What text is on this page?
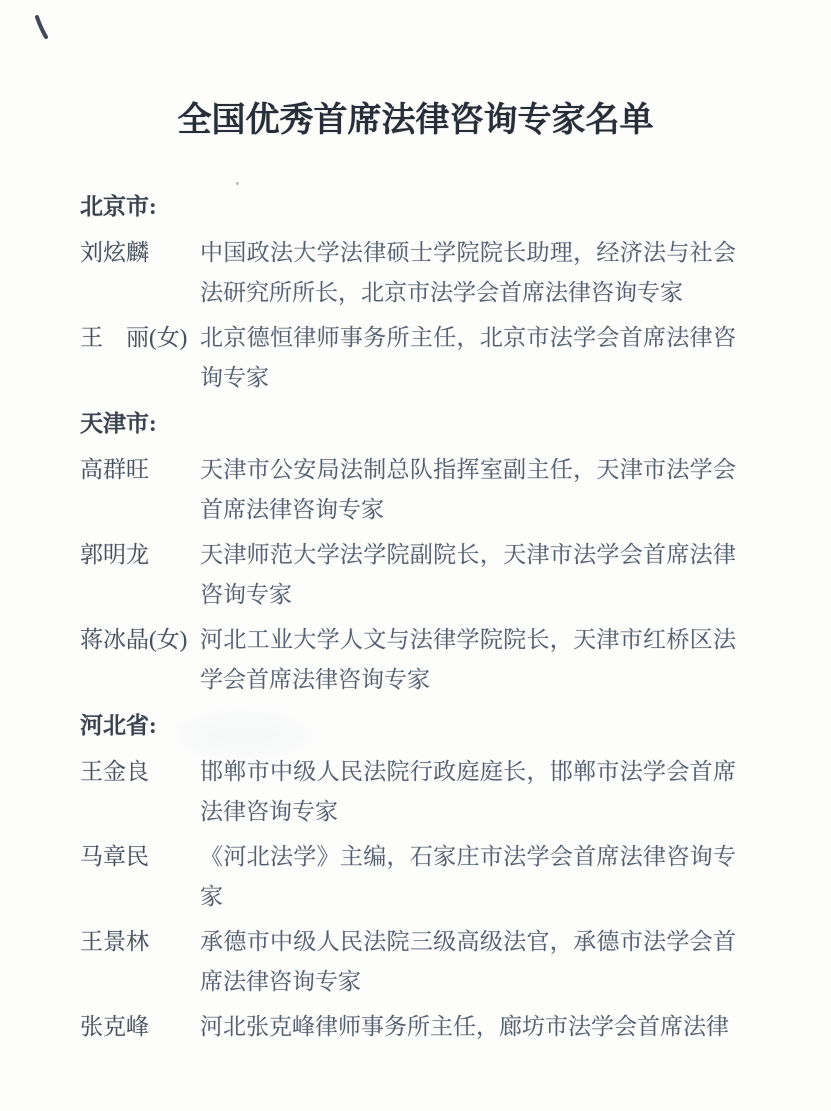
全国优秀首席法律咨询专家名单
北京市:
刘炫麟	中国政法大学法律硕士学院院长助理，经济法与社会法研究所所长，北京市法学会首席法律咨询专家
王　丽(女) 北京德恒律师事务所主任，北京市法学会首席法律咨询专家
天津市:
高群旺	天津市公安局法制总队指挥室副主任，天津市法学会首席法律咨询专家
郭明龙	天津师范大学法学院副院长，天津市法学会首席法律咨询专家
蒋冰晶(女) 河北工业大学人文与法律学院院长，天津市红桥区法学会首席法律咨询专家
河北省:
王金良	邯郸市中级人民法院行政庭庭长，邯郸市法学会首席法律咨询专家
马章民	《河北法学》主编，石家庄市法学会首席法律咨询专家
王景林	承德市中级人民法院三级高级法官，承德市法学会首席法律咨询专家
张克峰	河北张克峰律师事务所主任，廊坊市法学会首席法律
